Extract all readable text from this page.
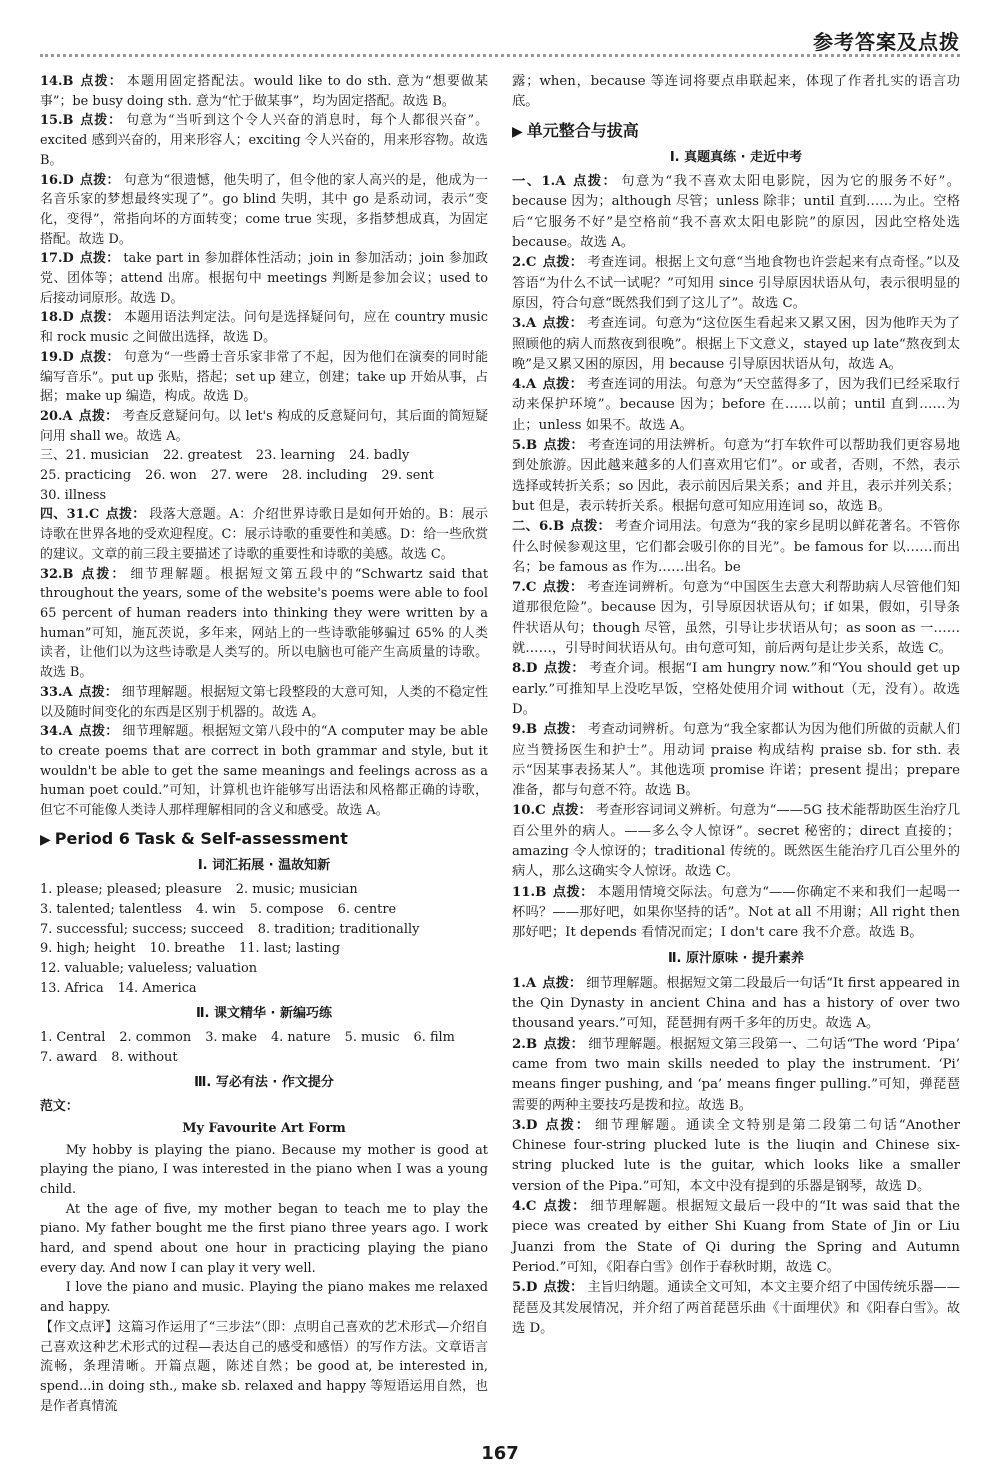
参考答案及点拨

14.B 点拨： 本题用固定搭配法。would like to do sth. 意为“想要做某事”；be busy doing sth. 意为“忙于做某事”，均为固定搭配。故选 B。

15.B 点拨： 句意为“当听到这个令人兴奋的消息时，每个人都很兴奋”。excited 感到兴奋的，用来形容人；exciting 令人兴奋的，用来形容物。故选 B。

16.D 点拨： 句意为“很遗憾，他失明了，但令他的家人高兴的是，他成为一名音乐家的梦想最终实现了”。go blind 失明，其中 go 是系动词，表示“变化，变得”，常指向坏的方面转变；come true 实现，多指梦想成真，为固定搭配。故选 D。

17.D 点拨： take part in 参加群体性活动；join in 参加活动；join 参加政党、团体等；attend 出席。根据句中 meetings 判断是参加会议；used to 后接动词原形。故选 D。

18.D 点拨： 本题用语法判定法。问句是选择疑问句，应在 country music 和 rock music 之间做出选择，故选 D。

19.D 点拨： 句意为“一些爵士音乐家非常了不起，因为他们在演奏的同时能编写音乐”。put up 张贴，搭起；set up 建立，创建；take up 开始从事，占据；make up 编造，构成。故选 D。

20.A 点拨： 考查反意疑问句。以 let's 构成的反意疑问句，其后面的简短疑问用 shall we。故选 A。

三、 21. musician 22. greatest 23. learning 24. badly
25. practicing 26. won 27. were 28. including 29. sent
30. illness

四、31.C 点拨： 段落大意题。A：介绍世界诗歌日是如何开始的。B：展示诗歌在世界各地的受欢迎程度。C：展示诗歌的重要性和美感。D：给一些欣赏的建议。文章的前三段主要描述了诗歌的重要性和诗歌的美感。故选 C。

32.B 点拨： 细节理解题。根据短文第五段中的“Schwartz said that throughout the years, some of the website's poems were able to fool 65 percent of human readers into thinking they were written by a human”可知，施瓦茨说，多年来，网站上的一些诗歌能够骗过 65% 的人类读者，让他们以为这些诗歌是人类写的。所以电脑也可能产生高质量的诗歌。故选 B。

33.A 点拨： 细节理解题。根据短文第七段整段的大意可知，人类的不稳定性以及随时间变化的东西是区别于机器的。故选 A。

34.A 点拨： 细节理解题。根据短文第八段中的“A computer may be able to create poems that are correct in both grammar and style, but it wouldn't be able to get the same meanings and feelings across as a human poet could.”可知，计算机也许能够写出语法和风格都正确的诗歌，但它不可能像人类诗人那样理解相同的含义和感受。故选 A。

▶ Period 6 Task & Self-assessment
Ⅰ. 词汇拓展 · 温故知新
1. please; pleased; pleasure 2. music; musician
3. talented; talentless 4. win 5. compose 6. centre
7. successful; success; succeed 8. tradition; traditionally
9. high; height 10. breathe 11. last; lasting
12. valuable; valueless; valuation
13. Africa 14. America
Ⅱ. 课文精华 · 新编巧练
1. Central 2. common 3. make 4. nature 5. music 6. film
7. award 8. without
Ⅲ. 写必有法 · 作文提分
范文：
My Favourite Art Form

My hobby is playing the piano. Because my mother is good at playing the piano, I was interested in the piano when I was a young child.

At the age of five, my mother began to teach me to play the piano. My father bought me the first piano three years ago. I work hard, and spend about one hour in practicing playing the piano every day. And now I can play it very well.

I love the piano and music. Playing the piano makes me relaxed and happy.

【作文点评】这篇习作运用了“三步法”（即：点明自己喜欢的艺术形式—介绍自己喜欢这种艺术形式的过程—表达自己的感受和感悟）的写作方法。文章语言流畅，条理清晰。开篇点题，陈述自然；be good at, be interested in, spend...in doing sth., make sb. relaxed and happy 等短语运用自然，也是作者真情流

露；when，because 等连词将要点串联起来，体现了作者扎实的语言功底。

▶ 单元整合与拔高
Ⅰ. 真题真练 · 走近中考

一、1.A 点拨： 句意为“我不喜欢太阳电影院，因为它的服务不好”。because 因为；although 尽管；unless 除非；until 直到……为止。空格后“它服务不好”是空格前“我不喜欢太阳电影院”的原因，因此空格处选 because。故选 A。

2.C 点拨： 考查连词。根据上文句意“当地食物也许尝起来有点奇怪。”以及答语“为什么不试一试呢？”可知用 since 引导原因状语从句，表示很明显的原因，符合句意“既然我们到了这儿了”。故选 C。

3.A 点拨： 考查连词。句意为“这位医生看起来又累又困，因为他昨天为了照顾他的病人而熬夜到很晚”。根据上下文意义，stayed up late“熬夜到太晚”是又累又困的原因，用 because 引导原因状语从句，故选 A。

4.A 点拨： 考查连词的用法。句意为“天空蓝得多了，因为我们已经采取行动来保护环境”。because 因为；before 在……以前；until 直到……为止；unless 如果不。故选 A。

5.B 点拨： 考查连词的用法辨析。句意为“打车软件可以帮助我们更容易地到处旅游。因此越来越多的人们喜欢用它们”。or 或者，否则，不然，表示选择或转折关系；so 因此，表示前因后果关系；and 并且，表示并列关系；but 但是，表示转折关系。根据句意可知应用连词 so，故选 B。

二、6.B 点拨： 考查介词用法。句意为“我的家乡昆明以鲜花著名。不管你什么时候参观这里，它们都会吸引你的目光”。be famous for 以……而出名；be famous as 作为……出名。be

7.C 点拨： 考查连词辨析。句意为“中国医生去意大利帮助病人尽管他们知道那很危险”。because 因为，引导原因状语从句；if 如果，假如，引导条件状语从句；though 尽管，虽然，引导让步状语从句；as soon as 一……就……，引导时间状语从句。由句意可知，前后两句是让步关系，故选 C。

8.D 点拨： 考查介词。根据“I am hungry now.”和“You should get up early.”可推知早上没吃早饭，空格处使用介词 without（无，没有）。故选 D。

9.B 点拨： 考查动词辨析。句意为“我全家都认为因为他们所做的贡献人们应当赞扬医生和护士”。用动词 praise 构成结构 praise sb. for sth. 表示“因某事表扬某人”。其他选项 promise 许诺；present 提出；prepare 准备，都与句意不符。故选 B。

10.C 点拨： 考查形容词词义辨析。句意为“——5G 技术能帮助医生治疗几百公里外的病人。——多么令人惊讶”。secret 秘密的；direct 直接的；amazing 令人惊讶的；traditional 传统的。既然医生能治疗几百公里外的病人，那么这确实令人惊讶。故选 C。

11.B 点拨： 本题用情境交际法。句意为“——你确定不来和我们一起喝一杯吗？——那好吧，如果你坚持的话”。Not at all 不用谢；All right then 那好吧；It depends 看情况而定；I don't care 我不介意。故选 B。

Ⅱ. 原汁原味 · 提升素养

1.A 点拨： 细节理解题。根据短文第二段最后一句话“It first appeared in the Qin Dynasty in ancient China and has a history of over two thousand years.”可知，琵琶拥有两千多年的历史。故选 A。

2.B 点拨： 细节理解题。根据短文第三段第一、二句话“The word ‘Pipa’ came from two main skills needed to play the instrument. ‘Pi’ means finger pushing, and ‘pa’ means finger pulling.”可知，弹琵琶需要的两种主要技巧是拨和拉。故选 B。

3.D 点拨： 细节理解题。通读全文特别是第二段第二句话“Another Chinese four-string plucked lute is the liuqin and Chinese six-string plucked lute is the guitar, which looks like a smaller version of the Pipa.”可知，本文中没有提到的乐器是钢琴，故选 D。

4.C 点拨： 细节理解题。根据短文最后一段中的“It was said that the piece was created by either Shi Kuang from State of Jin or Liu Juanzi from the State of Qi during the Spring and Autumn Period.”可知，《阳春白雪》创作于春秋时期，故选 C。

5.D 点拨： 主旨归纳题。通读全文可知，本文主要介绍了中国传统乐器——琵琶及其发展情况，并介绍了两首琵琶乐曲《十面埋伏》和《阳春白雪》。故选 D。

167
